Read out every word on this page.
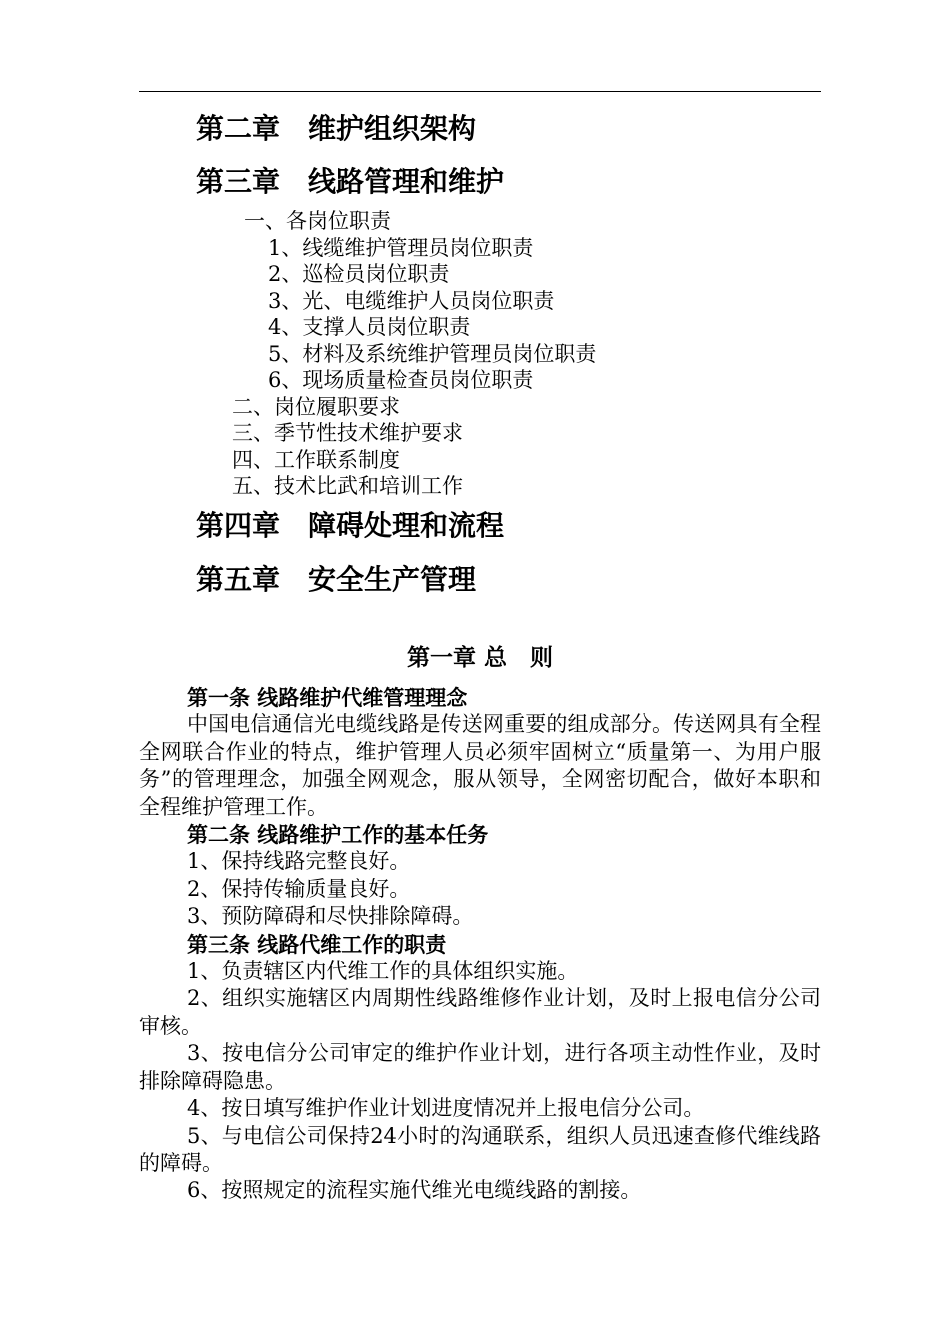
第二章　维护组织架构
第三章　线路管理和维护
一、各岗位职责
1、线缆维护管理员岗位职责
2、巡检员岗位职责
3、光、电缆维护人员岗位职责
4、支撑人员岗位职责
5、材料及系统维护管理员岗位职责
6、现场质量检查员岗位职责
二、岗位履职要求
三、季节性技术维护要求
四、工作联系制度
五、技术比武和培训工作
第四章　障碍处理和流程
第五章　安全生产管理
第一章 总　则

第一条 线路维护代维管理理念

中国电信通信光电缆线路是传送网重要的组成部分。传送网具有全程全网联合作业的特点，维护管理人员必须牢固树立“质量第一、为用户服务”的管理理念，加强全网观念，服从领导，全网密切配合，做好本职和全程维护管理工作。

第二条 线路维护工作的基本任务

1、保持线路完整良好。

2、保持传输质量良好。

3、预防障碍和尽快排除障碍。

第三条 线路代维工作的职责

1、负责辖区内代维工作的具体组织实施。

2、组织实施辖区内周期性线路维修作业计划，及时上报电信分公司审核。

3、按电信分公司审定的维护作业计划，进行各项主动性作业，及时排除障碍隐患。

4、按日填写维护作业计划进度情况并上报电信分公司。

5、与电信公司保持24小时的沟通联系，组织人员迅速查修代维线路的障碍。

6、按照规定的流程实施代维光电缆线路的割接。
